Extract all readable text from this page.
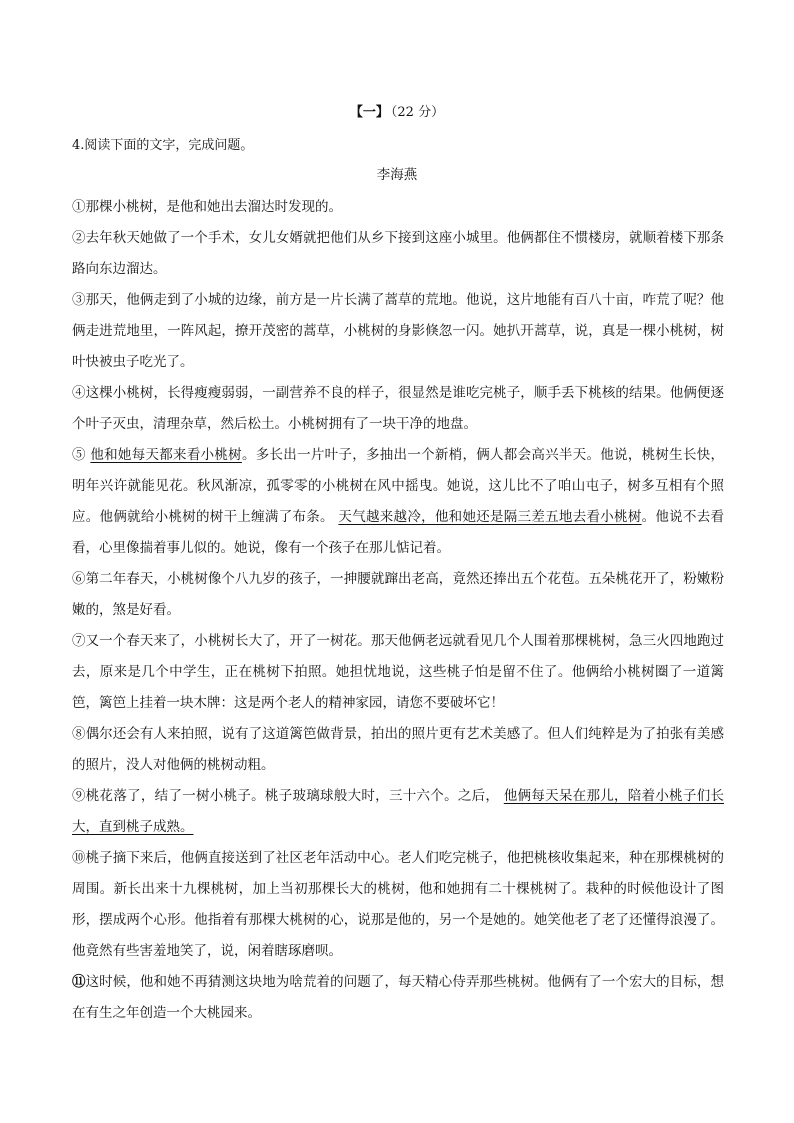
【一】 （22 分）
4.阅读下面的文字，完成问题。
李海燕

①那棵小桃树，是他和她出去溜达时发现的。

②去年秋天她做了一个手术，女儿女婿就把他们从乡下接到这座小城里。他俩都住不惯楼房，就顺着楼下那条路向东边溜达。

③那天，他俩走到了小城的边缘，前方是一片长满了蒿草的荒地。他说，这片地能有百八十亩，咋荒了呢？他俩走进荒地里，一阵风起，撩开茂密的蒿草，小桃树的身影倏忽一闪。她扒开蒿草，说，真是一棵小桃树，树叶快被虫子吃光了。

④这棵小桃树，长得瘦瘦弱弱，一副营养不良的样子，很显然是谁吃完桃子，顺手丢下桃核的结果。他俩便逐个叶子灭虫，清理杂草，然后松土。小桃树拥有了一块干净的地盘。

⑤ 他和她每天都来看小桃树。多长出一片叶子，多抽出一个新梢，俩人都会高兴半天。他说，桃树生长快，明年兴许就能见花。秋风渐凉，孤零零的小桃树在风中摇曳。她说，这儿比不了咱山屯子，树多互相有个照应。他俩就给小桃树的树干上缠满了布条。 天气越来越冷，他和她还是隔三差五地去看小桃树。他说不去看看，心里像揣着事儿似的。她说，像有一个孩子在那儿惦记着。

⑥第二年春天，小桃树像个八九岁的孩子，一抻腰就蹿出老高，竟然还捧出五个花苞。五朵桃花开了，粉嫩粉嫩的，煞是好看。

⑦又一个春天来了，小桃树长大了，开了一树花。那天他俩老远就看见几个人围着那棵桃树，急三火四地跑过去，原来是几个中学生，正在桃树下拍照。她担忧地说，这些桃子怕是留不住了。他俩给小桃树圈了一道篱笆，篱笆上挂着一块木牌：这是两个老人的精神家园，请您不要破坏它！

⑧偶尔还会有人来拍照，说有了这道篱笆做背景，拍出的照片更有艺术美感了。但人们纯粹是为了拍张有美感的照片，没人对他俩的桃树动粗。

⑨桃花落了，结了一树小桃子。桃子玻璃球般大时，三十六个。之后， 他俩每天呆在那儿，陪着小桃子们长大，直到桃子成熟。

⑩桃子摘下来后，他俩直接送到了社区老年活动中心。老人们吃完桃子，他把桃核收集起来，种在那棵桃树的周围。新长出来十九棵桃树，加上当初那棵长大的桃树，他和她拥有二十棵桃树了。栽种的时候他设计了图形，摆成两个心形。他指着有那棵大桃树的心，说那是他的，另一个是她的。她笑他老了老了还懂得浪漫了。他竟然有些害羞地笑了，说，闲着瞎琢磨呗。

⑪这时候，他和她不再猜测这块地为啥荒着的问题了，每天精心侍弄那些桃树。他俩有了一个宏大的目标，想在有生之年创造一个大桃园来。
